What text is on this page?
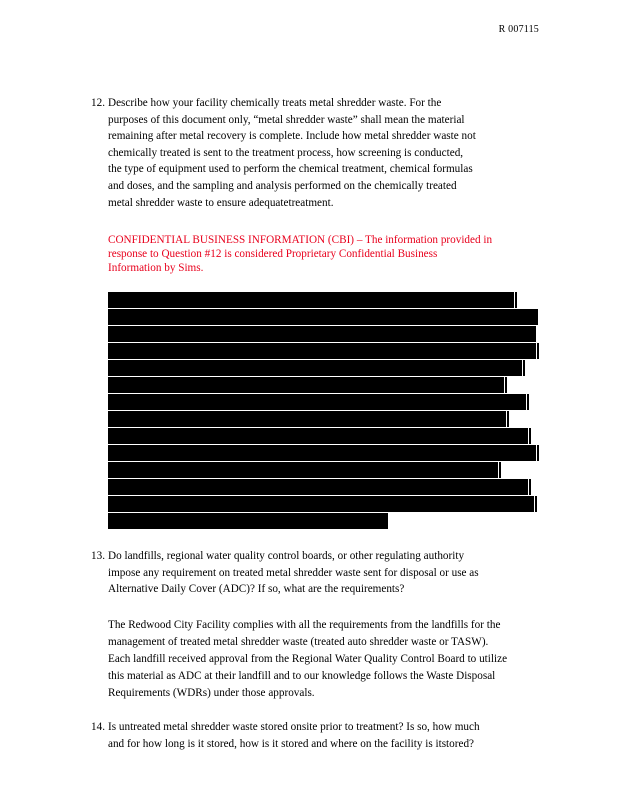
R 007115
12. Describe how your facility chemically treats metal shredder waste. For the
purposes of this document only, “metal shredder waste” shall mean the material
remaining after metal recovery is complete. Include how metal shredder waste not
chemically treated is sent to the treatment process, how screening is conducted,
the type of equipment used to perform the chemical treatment, chemical formulas
and doses, and the sampling and analysis performed on the chemically treated
metal shredder waste to ensure adequatetreatment.
CONFIDENTIAL BUSINESS INFORMATION (CBI) – The information provided in
response to Question #12 is considered Proprietary Confidential Business
Information by Sims.
13. Do landfills, regional water quality control boards, or other regulating authority
impose any requirement on treated metal shredder waste sent for disposal or use as
Alternative Daily Cover (ADC)? If so, what are the requirements?
The Redwood City Facility complies with all the requirements from the landfills for the
management of treated metal shredder waste (treated auto shredder waste or TASW).
Each landfill received approval from the Regional Water Quality Control Board to utilize
this material as ADC at their landfill and to our knowledge follows the Waste Disposal
Requirements (WDRs) under those approvals.
14. Is untreated metal shredder waste stored onsite prior to treatment? Is so, how much
and for how long is it stored, how is it stored and where on the facility is itstored?
